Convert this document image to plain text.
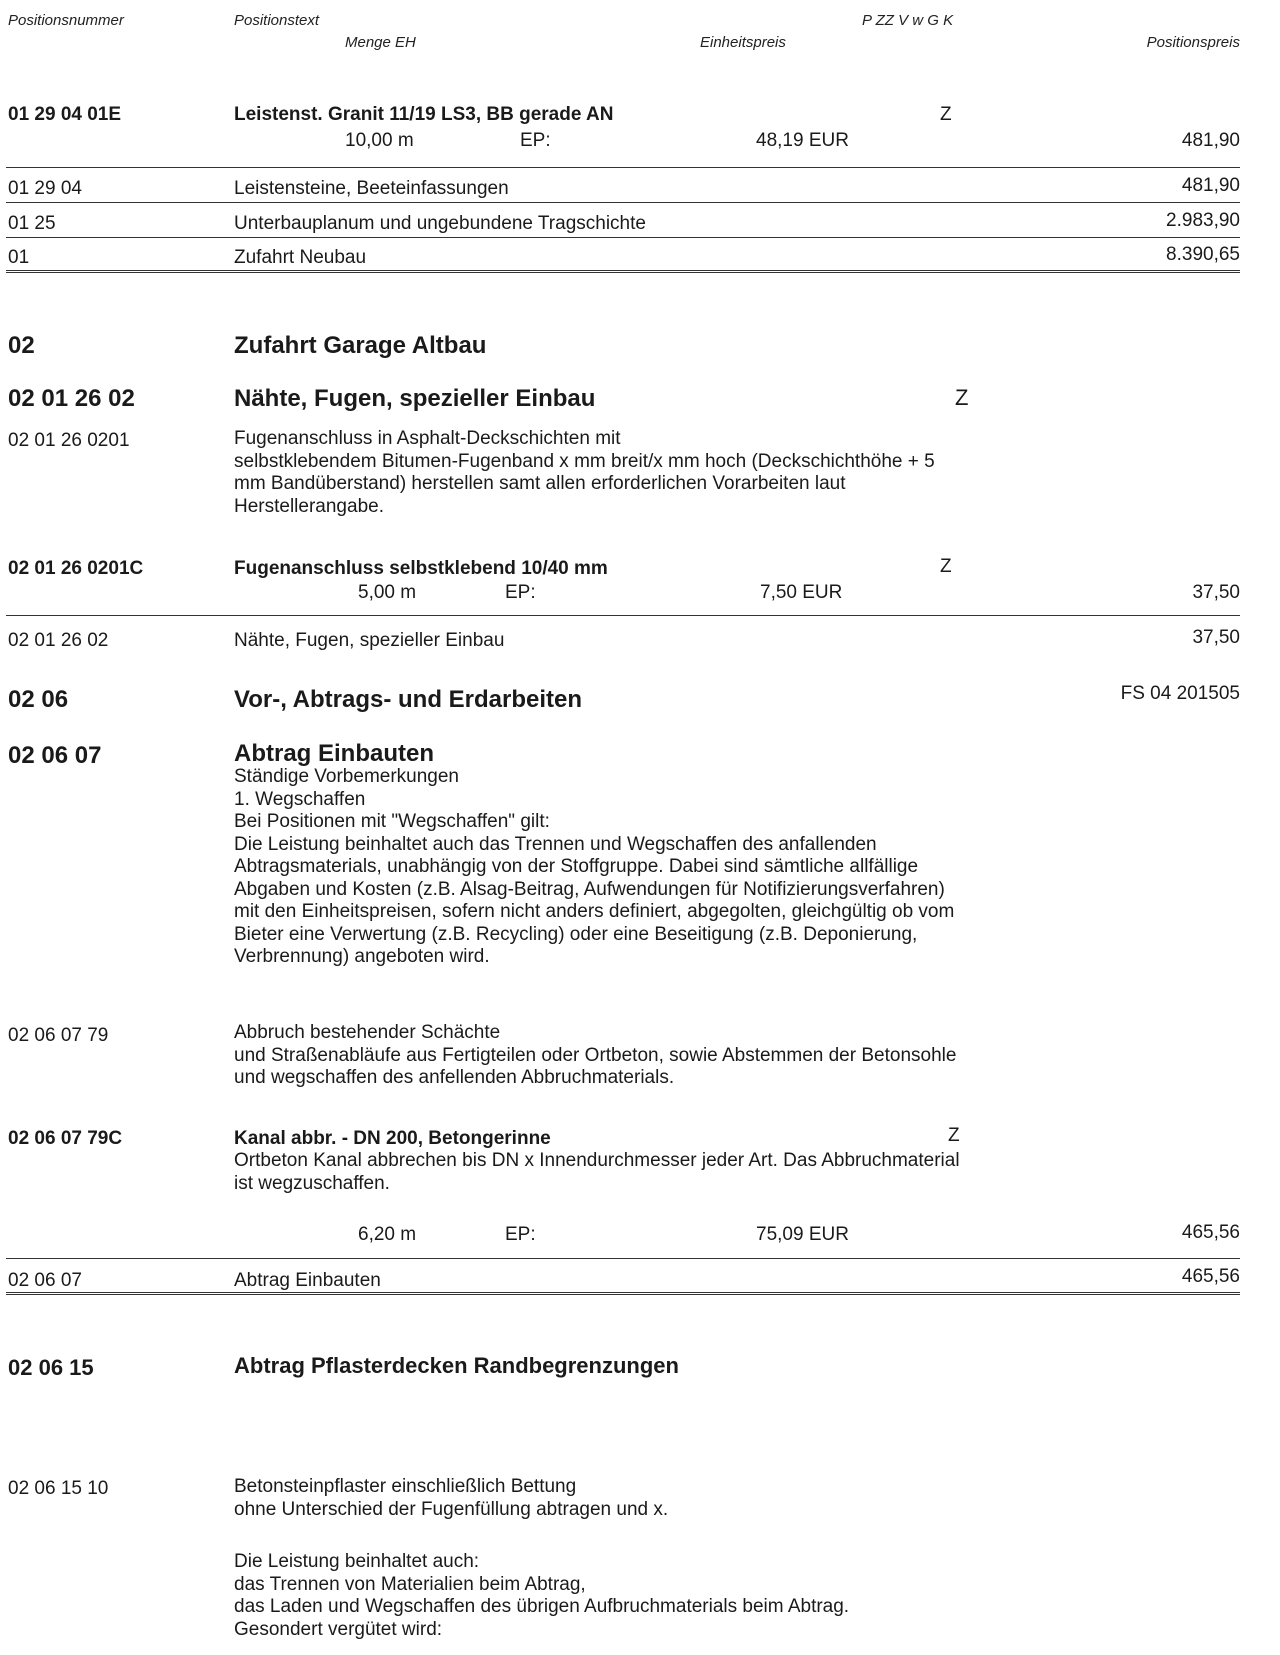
Positionsnummer	Positionstext	P ZZ V w G K
Menge EH	Einheitspreis	Positionspreis
01 29 04 01E	Leistenst. Granit 11/19 LS3, BB gerade AN	Z
10,00 m	EP:	48,19 EUR	481,90
01 29 04	Leistensteine, Beeteinfassungen	481,90
01 25	Unterbauplanum und ungebundene Tragschichte	2.983,90
01	Zufahrt Neubau	8.390,65
02	Zufahrt Garage Altbau
02 01 26 02	Nähte, Fugen, spezieller Einbau	Z
02 01 26 0201	Fugenanschluss in Asphalt-Deckschichten mit
selbstklebendem Bitumen-Fugenband x mm breit/x mm hoch (Deckschichthöhe + 5
mm Bandüberstand) herstellen samt allen erforderlichen Vorarbeiten laut
Herstellerangabe.
02 01 26 0201C	Fugenanschluss selbstklebend 10/40 mm	Z
5,00 m	EP:	7,50 EUR	37,50
02 01 26 02	Nähte, Fugen, spezieller Einbau	37,50
02 06	Vor-, Abtrags- und Erdarbeiten	FS 04 201505
02 06 07	Abtrag Einbauten
Ständige Vorbemerkungen
1. Wegschaffen
Bei Positionen mit "Wegschaffen" gilt:
Die Leistung beinhaltet auch das Trennen und Wegschaffen des anfallenden
Abtragsmaterials, unabhängig von der Stoffgruppe. Dabei sind sämtliche allfällige
Abgaben und Kosten (z.B. Alsag-Beitrag, Aufwendungen für Notifizierungsverfahren)
mit den Einheitspreisen, sofern nicht anders definiert, abgegolten, gleichgültig ob vom
Bieter eine Verwertung (z.B. Recycling) oder eine Beseitigung (z.B. Deponierung,
Verbrennung) angeboten wird.
02 06 07 79	Abbruch bestehender Schächte
und Straßenabläufe aus Fertigteilen oder Ortbeton, sowie Abstemmen der Betonsohle
und wegschaffen des anfellenden Abbruchmaterials.
02 06 07 79C	Kanal abbr. - DN 200, Betongerinne	Z
Ortbeton Kanal abbrechen bis DN x Innendurchmesser jeder Art. Das Abbruchmaterial
ist wegzuschaffen.
6,20 m	EP:	75,09 EUR	465,56
02 06 07	Abtrag Einbauten	465,56
02 06 15	Abtrag Pflasterdecken Randbegrenzungen
02 06 15 10	Betonsteinpflaster einschließlich Bettung
ohne Unterschied der Fugenfüllung abtragen und x.
Die Leistung beinhaltet auch:
das Trennen von Materialien beim Abtrag,
das Laden und Wegschaffen des übrigen Aufbruchmaterials beim Abtrag.
Gesondert vergütet wird:
